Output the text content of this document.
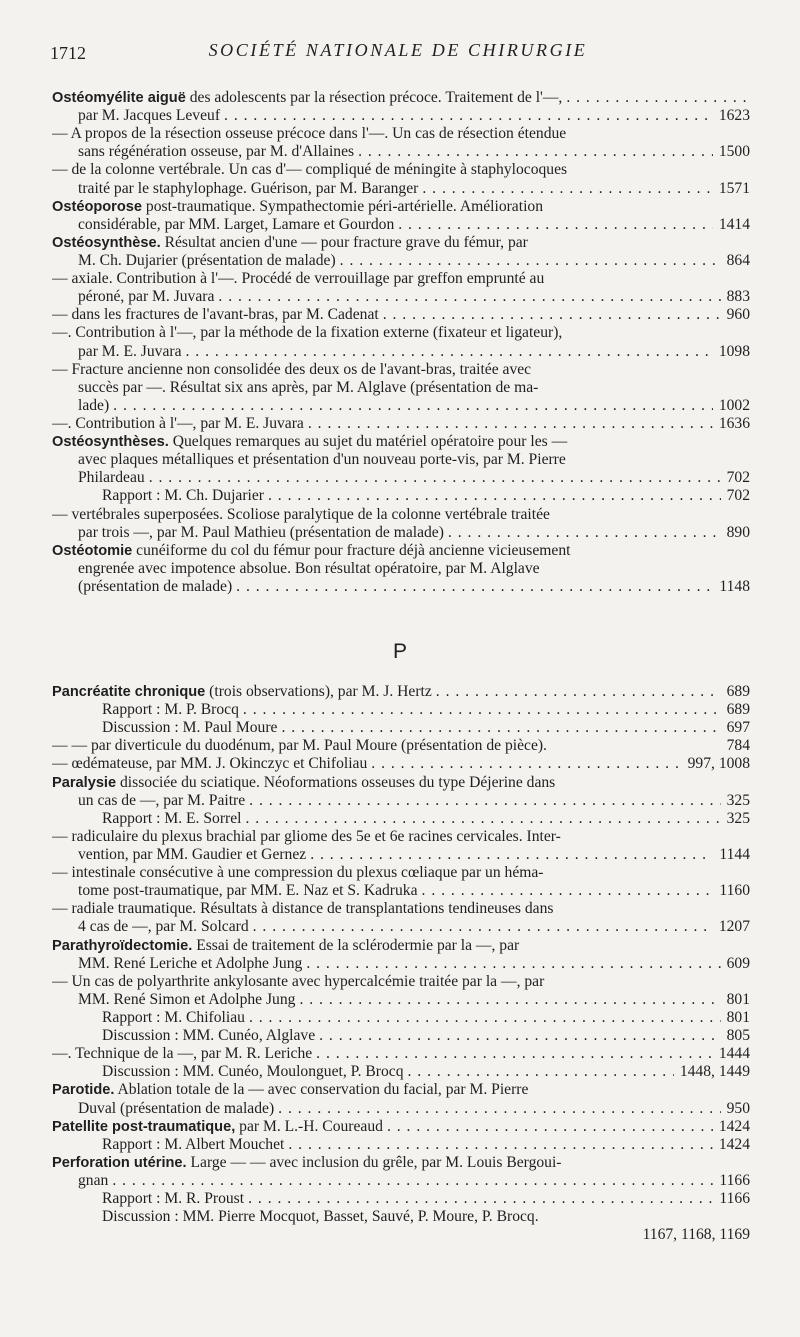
1712	SOCIÉTÉ NATIONALE DE CHIRURGIE
Ostéomyélite aiguë des adolescents par la résection précoce. Traitement de l'—, . . .
par M. Jacques Leveuf	1623
. . .
— A propos de la résection osseuse précoce dans l'—. Un cas de résection étendue
sans régénération osseuse, par M. d'Allaines	1500
. . .
— de la colonne vertébrale. Un cas d'— compliqué de méningite à staphylocoques
traité par le staphylophage. Guérison, par M. Baranger	1571
. . .
Ostéoporose post-traumatique. Sympathectomie péri-artérielle. Amélioration
considérable, par MM. Larget, Lamare et Gourdon	1414
. . .
Ostéosynthèse. Résultat ancien d'une — pour fracture grave du fémur, par
M. Ch. Dujarier (présentation de malade)	864
. . .
— axiale. Contribution à l'—. Procédé de verrouillage par greffon emprunté au
péroné, par M. Juvara	883
. . .
— dans les fractures de l'avant-bras, par M. Cadenat	960
. . .
—. Contribution à l'—, par la méthode de la fixation externe (fixateur et ligateur),
par M. E. Juvara	1098
. . .
— Fracture ancienne non consolidée des deux os de l'avant-bras, traitée avec
succès par —. Résultat six ans après, par M. Alglave (présentation de ma-
lade)	1002
. . .
—. Contribution à l'—, par M. E. Juvara	1636
. . .
Ostéosynthèses. Quelques remarques au sujet du matériel opératoire pour les —
avec plaques métalliques et présentation d'un nouveau porte-vis, par M. Pierre
Philardeau	702
. . .
Rapport : M. Ch. Dujarier	702
. . .
— vertébrales superposées. Scoliose paralytique de la colonne vertébrale traitée
par trois —, par M. Paul Mathieu (présentation de malade)	890
. . .
Ostéotomie cunéiforme du col du fémur pour fracture déjà ancienne vicieusement
engrenée avec impotence absolue. Bon résultat opératoire, par M. Alglave
(présentation de malade)	1148
. . .
P
Pancréatite chronique (trois observations), par M. J. Hertz	689
. . .
Rapport : M. P. Brocq	689
. . .
Discussion : M. Paul Moure	697
. . .
— — par diverticule du duodénum, par M. Paul Moure (présentation de pièce).	784
— œdémateuse, par MM. J. Okinczyc et Chifoliau	997, 1008
. . .
Paralysie dissociée du sciatique. Néoformations osseuses du type Déjerine dans
un cas de —, par M. Paitre	325
. . .
Rapport : M. E. Sorrel	325
. . .
— radiculaire du plexus brachial par gliome des 5e et 6e racines cervicales. Inter-
vention, par MM. Gaudier et Gernez	1144
. . .
— intestinale consécutive à une compression du plexus cœliaque par un héma-
tome post-traumatique, par MM. E. Naz et S. Kadruka	1160
. . .
— radiale traumatique. Résultats à distance de transplantations tendineuses dans
4 cas de —, par M. Solcard	1207
. . .
Parathyroïdectomie. Essai de traitement de la sclérodermie par la —, par
MM. René Leriche et Adolphe Jung	609
. . .
— Un cas de polyarthrite ankylosante avec hypercalcémie traitée par la —, par
MM. René Simon et Adolphe Jung	801
. . .
Rapport : M. Chifoliau	801
. . .
Discussion : MM. Cunéo, Alglave	805
. . .
—. Technique de la —, par M. R. Leriche	1444
. . .
Discussion : MM. Cunéo, Moulonguet, P. Brocq	1448, 1449
. . .
Parotide. Ablation totale de la — avec conservation du facial, par M. Pierre
Duval (présentation de malade)	950
. . .
Patellite post-traumatique, par M. L.-H. Coureaud	1424
. . .
Rapport : M. Albert Mouchet	1424
. . .
Perforation utérine. Large — — avec inclusion du grêle, par M. Louis Bergoui-
gnan	1166
. . .
Rapport : M. R. Proust	1166
. . .
Discussion : MM. Pierre Mocquot, Basset, Sauvé, P. Moure, P. Brocq.
1167, 1168, 1169
